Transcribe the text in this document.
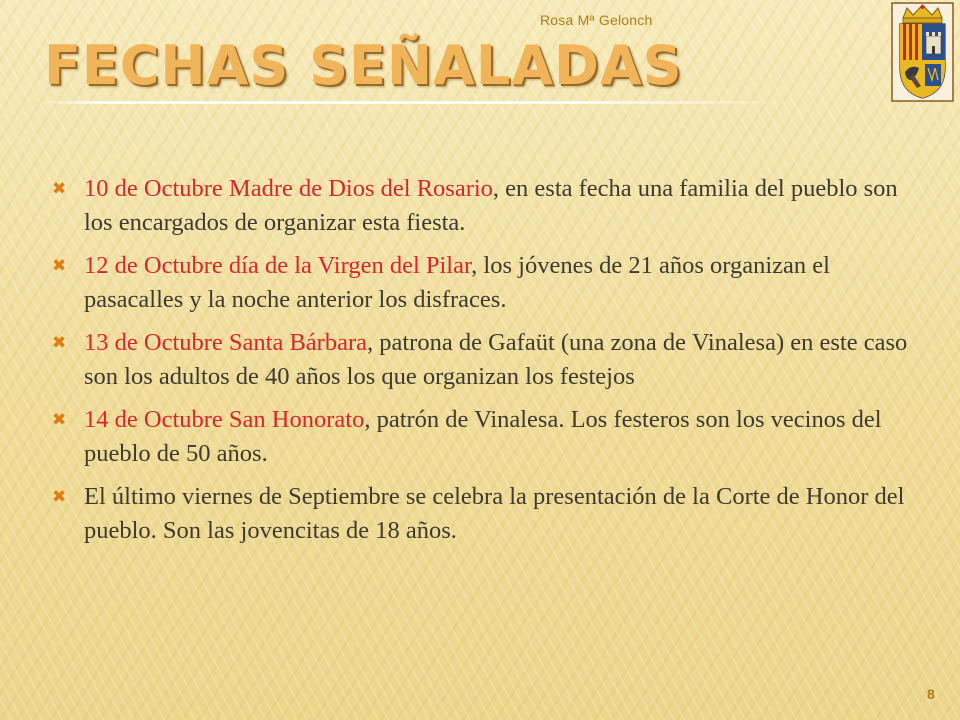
Rosa Mª Gelonch
FECHAS SEÑALADAS
✖ 10 de Octubre Madre de Dios del Rosario, en esta fecha una familia del pueblo son los encargados de organizar esta fiesta.
✖ 12 de Octubre día de la Virgen del Pilar, los jóvenes de 21 años organizan el pasacalles y la noche anterior los disfraces.
✖ 13 de Octubre Santa Bárbara, patrona de Gafaüt (una zona de Vinalesa) en este caso son los adultos de 40 años los que organizan los festejos
✖ 14 de Octubre San Honorato, patrón de Vinalesa. Los festeros son los vecinos del pueblo de 50 años.
✖ El último viernes de Septiembre se celebra la presentación de la Corte de Honor del pueblo. Son las jovencitas de 18 años.
8
